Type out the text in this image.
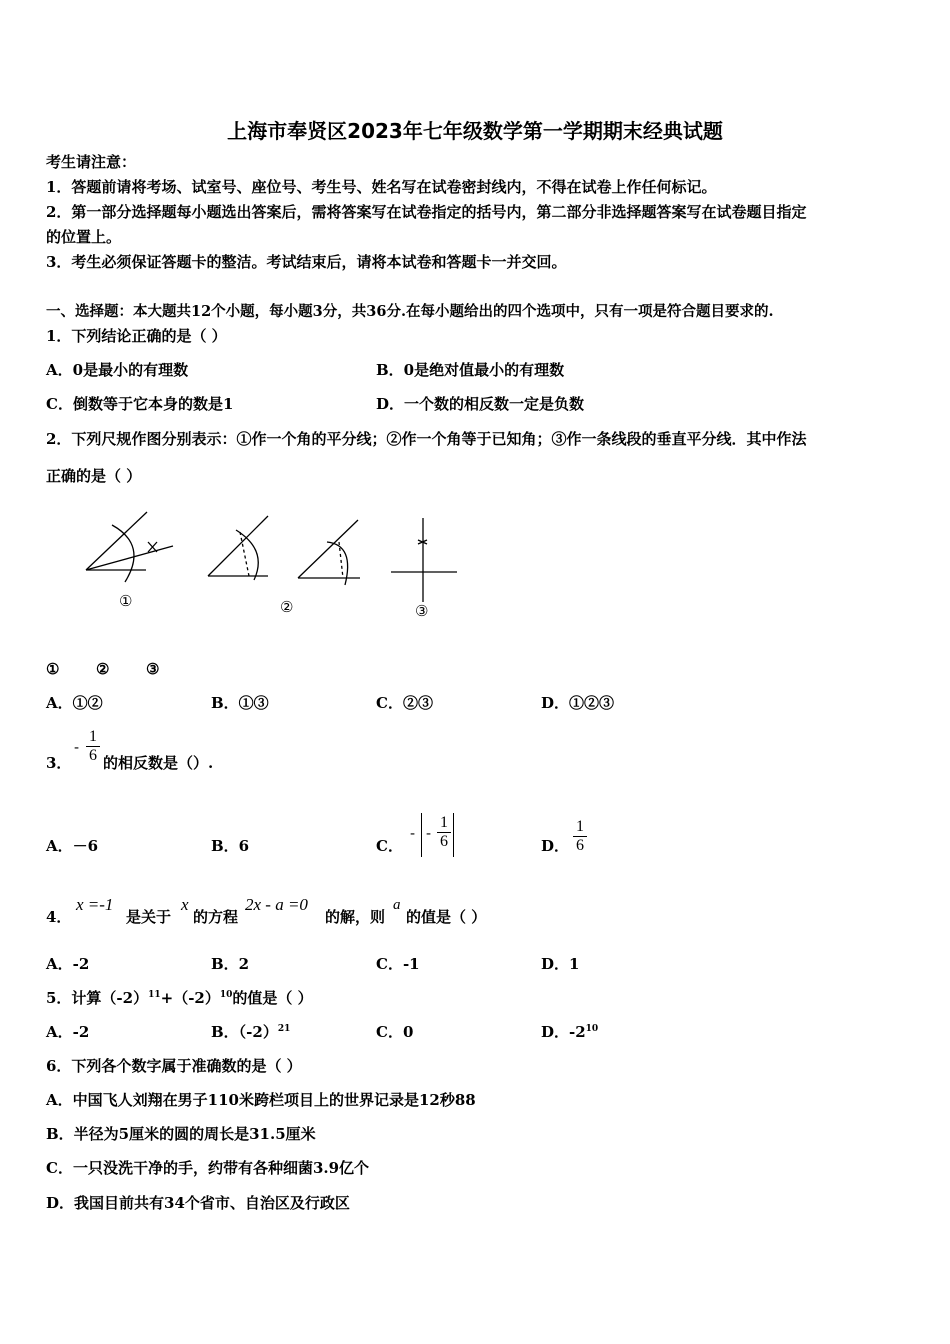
上海市奉贤区2023年七年级数学第一学期期末经典试题
考生请注意：
1．答题前请将考场、试室号、座位号、考生号、姓名写在试卷密封线内，不得在试卷上作任何标记。
2．第一部分选择题每小题选出答案后，需将答案写在试卷指定的括号内，第二部分非选择题答案写在试卷题目指定
的位置上。
3．考生必须保证答题卡的整洁。考试结束后，请将本试卷和答题卡一并交回。
一、选择题：本大题共12个小题，每小题3分，共36分.在每小题给出的四个选项中，只有一项是符合题目要求的.
1．下列结论正确的是（ ）
A．0是最小的有理数	B．0是绝对值最小的有理数
C．倒数等于它本身的数是1	D．一个数的相反数一定是负数
2．下列尺规作图分别表示：①作一个角的平分线；②作一个角等于已知角；③作一条线段的垂直平分线．其中作法
正确的是（ ）
①	②	③
① ② ③
A．①②	B．①③	C．②③	D．①②③
3．
-
1
6 的相反数是（）.
A．－6	B．6	C．
- -
1
6	D．
1
6
4．
x =-1
是关于
x
的方程
2x - a =0
的解，则
a
的值是（ ）
A．-2	B．2	C．-1	D．1
5．计算$(-2)^{11}+(-2)^{10}$的值是（ ）
A．-2	B．$(-2)^{21}$	C．0	D．$-2^{10}$
6．下列各个数字属于准确数的是（ ）
A．中国飞人刘翔在男子110米跨栏项目上的世界记录是12秒88
B．半径为5厘米的圆的周长是31.5厘米
C．一只没洗干净的手，约带有各种细菌3.9亿个
D．我国目前共有34个省市、自治区及行政区
